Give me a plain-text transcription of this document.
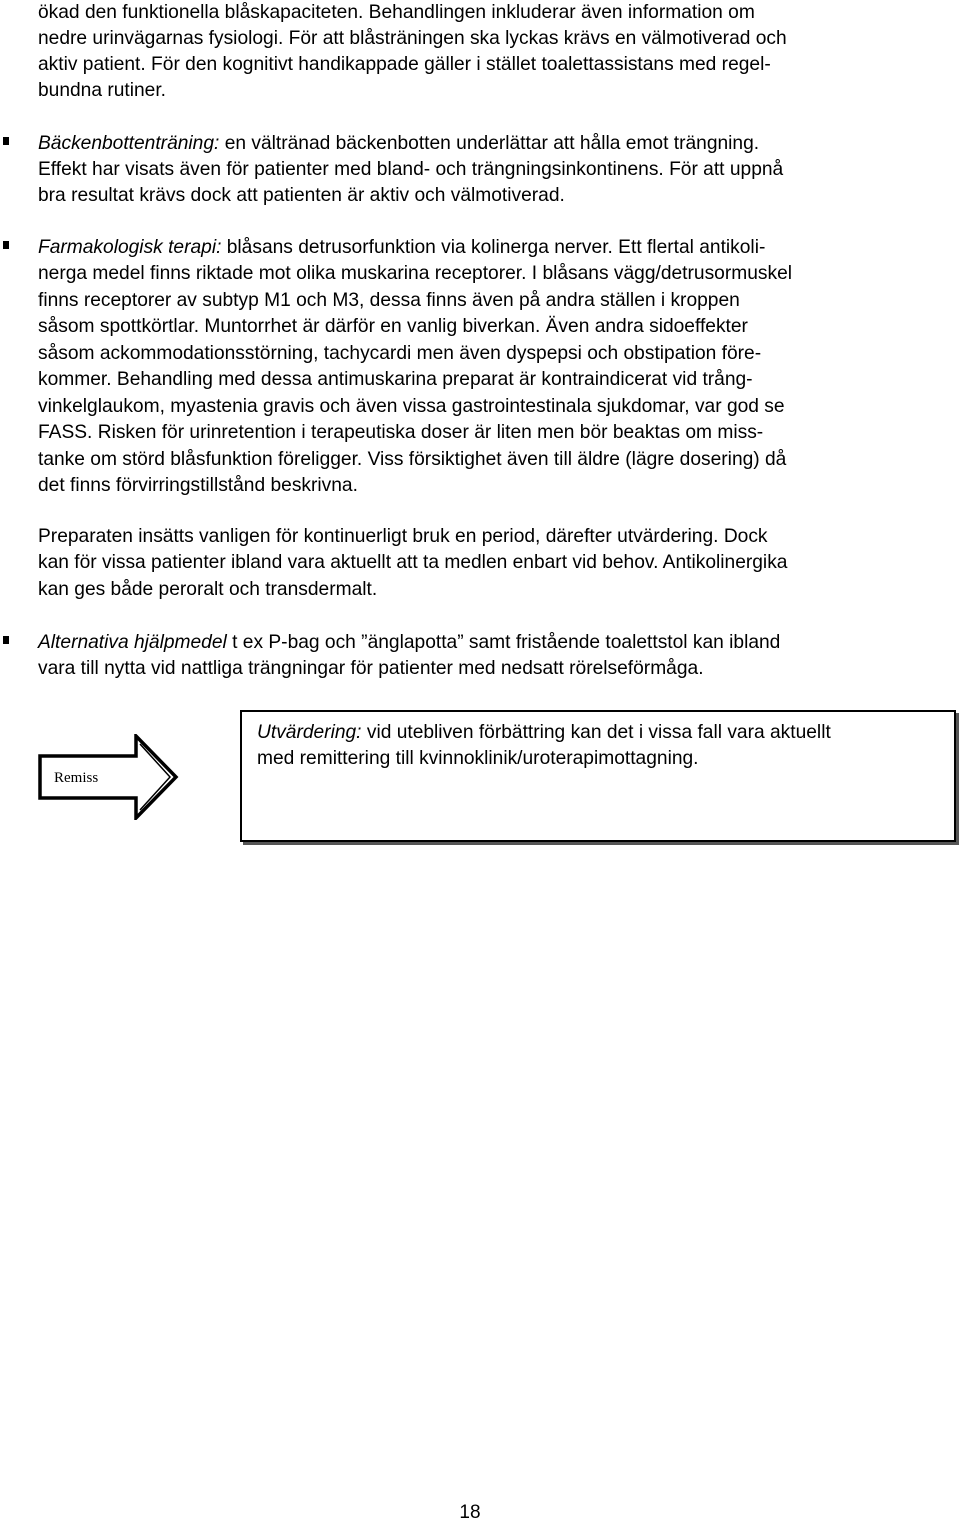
ökad den funktionella blåskapaciteten. Behandlingen inkluderar även information om
nedre urinvägarnas fysiologi. För att blåsträningen ska lyckas krävs en välmotiverad och
aktiv patient. För den kognitivt handikappade gäller i stället toalettassistans med regel-
bundna rutiner.
Bäckenbottenträning: en vältränad bäckenbotten underlättar att hålla emot trängning.
Effekt har visats även för patienter med bland- och trängningsinkontinens. För att uppnå
bra resultat krävs dock att patienten är aktiv och välmotiverad.
Farmakologisk terapi: blåsans detrusorfunktion via kolinerga nerver. Ett flertal antikoli-
nerga medel finns riktade mot olika muskarina receptorer. I blåsans vägg/detrusormuskel
finns receptorer av subtyp M1 och M3, dessa finns även på andra ställen i kroppen
såsom spottkörtlar. Muntorrhet är därför en vanlig biverkan. Även andra sidoeffekter
såsom ackommodationsstörning, tachycardi men även dyspepsi och obstipation före-
kommer. Behandling med dessa antimuskarina preparat är kontraindicerat vid trång-
vinkelglaukom, myastenia gravis och även vissa gastrointestinala sjukdomar, var god se
FASS. Risken för urinretention i terapeutiska doser är liten men bör beaktas om miss-
tanke om störd blåsfunktion föreligger. Viss försiktighet även till äldre (lägre dosering) då
det finns förvirringstillstånd beskrivna.
Preparaten insätts vanligen för kontinuerligt bruk en period, därefter utvärdering. Dock
kan för vissa patienter ibland vara aktuellt att ta medlen enbart vid behov. Antikolinergika
kan ges både peroralt och transdermalt.
Alternativa hjälpmedel t ex P-bag och ”änglapotta” samt fristående toalettstol kan ibland
vara till nytta vid nattliga trängningar för patienter med nedsatt rörelseförmåga.
Remiss
Utvärdering: vid utebliven förbättring kan det i vissa fall vara aktuellt
med remittering till kvinnoklinik/uroterapimottagning.
18
